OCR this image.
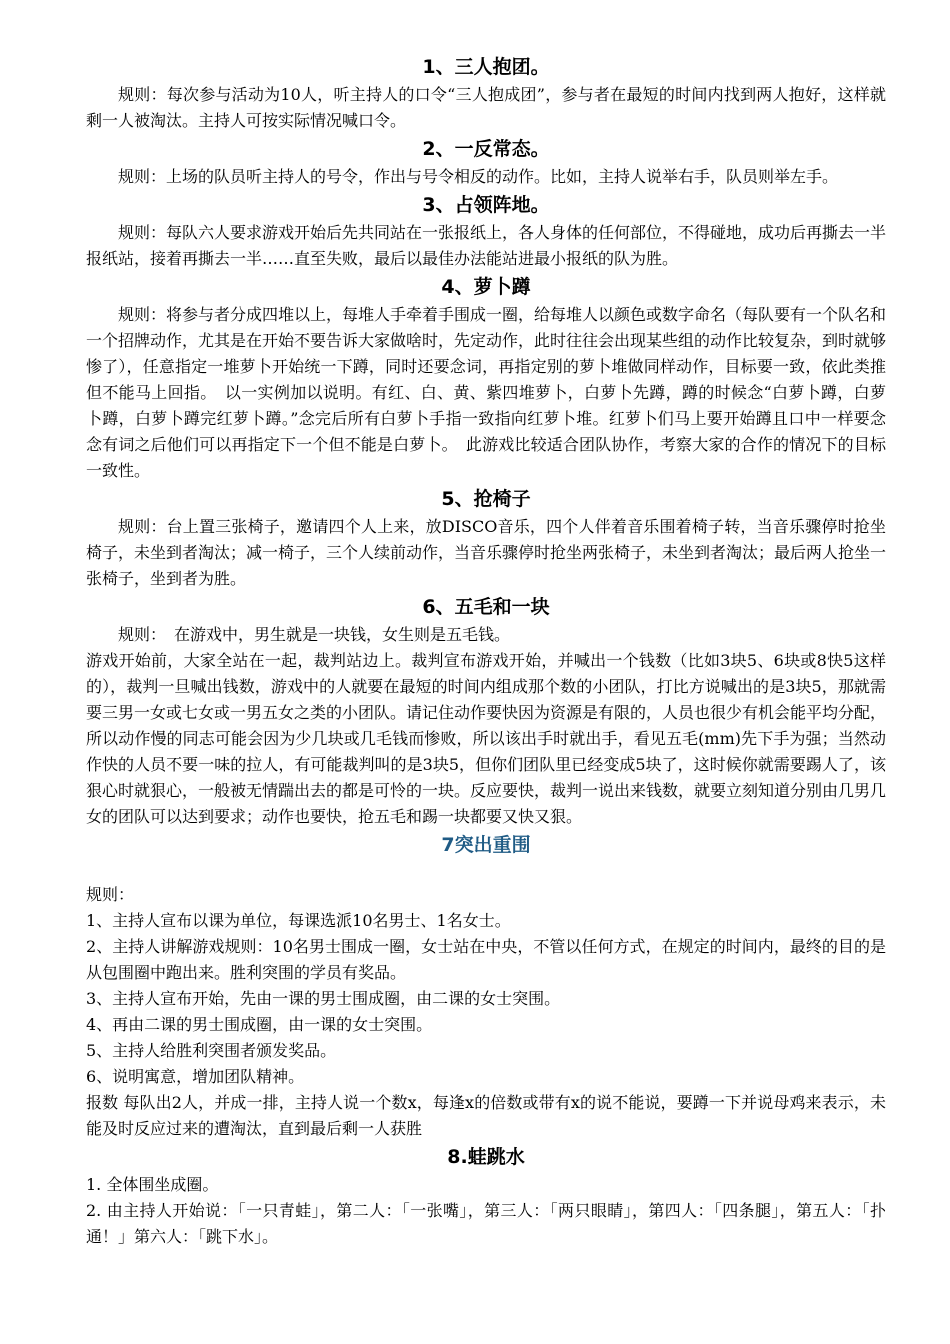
1、三人抱团。

规则：每次参与活动为10人，听主持人的口令“三人抱成团”，参与者在最短的时间内找到两人抱好，这样就剩一人被淘汰。主持人可按实际情况喊口令。

2、一反常态。

规则：上场的队员听主持人的号令，作出与号令相反的动作。比如，主持人说举右手，队员则举左手。

3、占领阵地。

规则：每队六人要求游戏开始后先共同站在一张报纸上，各人身体的任何部位，不得碰地，成功后再撕去一半报纸站，接着再撕去一半……直至失败，最后以最佳办法能站进最小报纸的队为胜。

4、萝卜蹲

规则：将参与者分成四堆以上，每堆人手牵着手围成一圈，给每堆人以颜色或数字命名（每队要有一个队名和一个招牌动作，尤其是在开始不要告诉大家做啥时，先定动作，此时往往会出现某些组的动作比较复杂，到时就够惨了），任意指定一堆萝卜开始统一下蹲，同时还要念词，再指定别的萝卜堆做同样动作，目标要一致，依此类推但不能马上回指。　以一实例加以说明。有红、白、黄、紫四堆萝卜，白萝卜先蹲，蹲的时候念“白萝卜蹲，白萝卜蹲，白萝卜蹲完红萝卜蹲。”念完后所有白萝卜手指一致指向红萝卜堆。红萝卜们马上要开始蹲且口中一样要念念有词之后他们可以再指定下一个但不能是白萝卜。　此游戏比较适合团队协作，考察大家的合作的情况下的目标一致性。

5、抢椅子

规则：台上置三张椅子，邀请四个人上来，放DISCO音乐，四个人伴着音乐围着椅子转，当音乐骤停时抢坐椅子，未坐到者淘汰；减一椅子，三个人续前动作，当音乐骤停时抢坐两张椅子，未坐到者淘汰；最后两人抢坐一张椅子，坐到者为胜。

6、五毛和一块

规则：　在游戏中，男生就是一块钱，女生则是五毛钱。

游戏开始前，大家全站在一起，裁判站边上。裁判宣布游戏开始，并喊出一个钱数（比如3块5、6块或8快5这样的），裁判一旦喊出钱数，游戏中的人就要在最短的时间内组成那个数的小团队，打比方说喊出的是3块5，那就需要三男一女或七女或一男五女之类的小团队。请记住动作要快因为资源是有限的，人员也很少有机会能平均分配，所以动作慢的同志可能会因为少几块或几毛钱而惨败，所以该出手时就出手，看见五毛(mm)先下手为强；当然动作快的人员不要一味的拉人，有可能裁判叫的是3块5，但你们团队里已经变成5块了，这时候你就需要踢人了，该狠心时就狠心，一般被无情踹出去的都是可怜的一块。反应要快，裁判一说出来钱数，就要立刻知道分别由几男几女的团队可以达到要求；动作也要快，抢五毛和踢一块都要又快又狠。

7突出重围

规则：

1、主持人宣布以课为单位，每课选派10名男士、1名女士。

2、主持人讲解游戏规则：10名男士围成一圈，女士站在中央，不管以任何方式，在规定的时间内，最终的目的是从包围圈中跑出来。胜利突围的学员有奖品。

3、主持人宣布开始，先由一课的男士围成圈，由二课的女士突围。

4、再由二课的男士围成圈，由一课的女士突围。

5、主持人给胜利突围者颁发奖品。

6、说明寓意，增加团队精神。

报数 每队出2人，并成一排，主持人说一个数x，每逢x的倍数或带有x的说不能说，要蹲一下并说母鸡来表示，未能及时反应过来的遭淘汰，直到最后剩一人获胜

8.蛙跳水

1. 全体围坐成圈。

2. 由主持人开始说：「一只青蛙」，第二人：「一张嘴」，第三人：「两只眼睛」，第四人：「四条腿」，第五人：「扑通！」第六人：「跳下水」。
